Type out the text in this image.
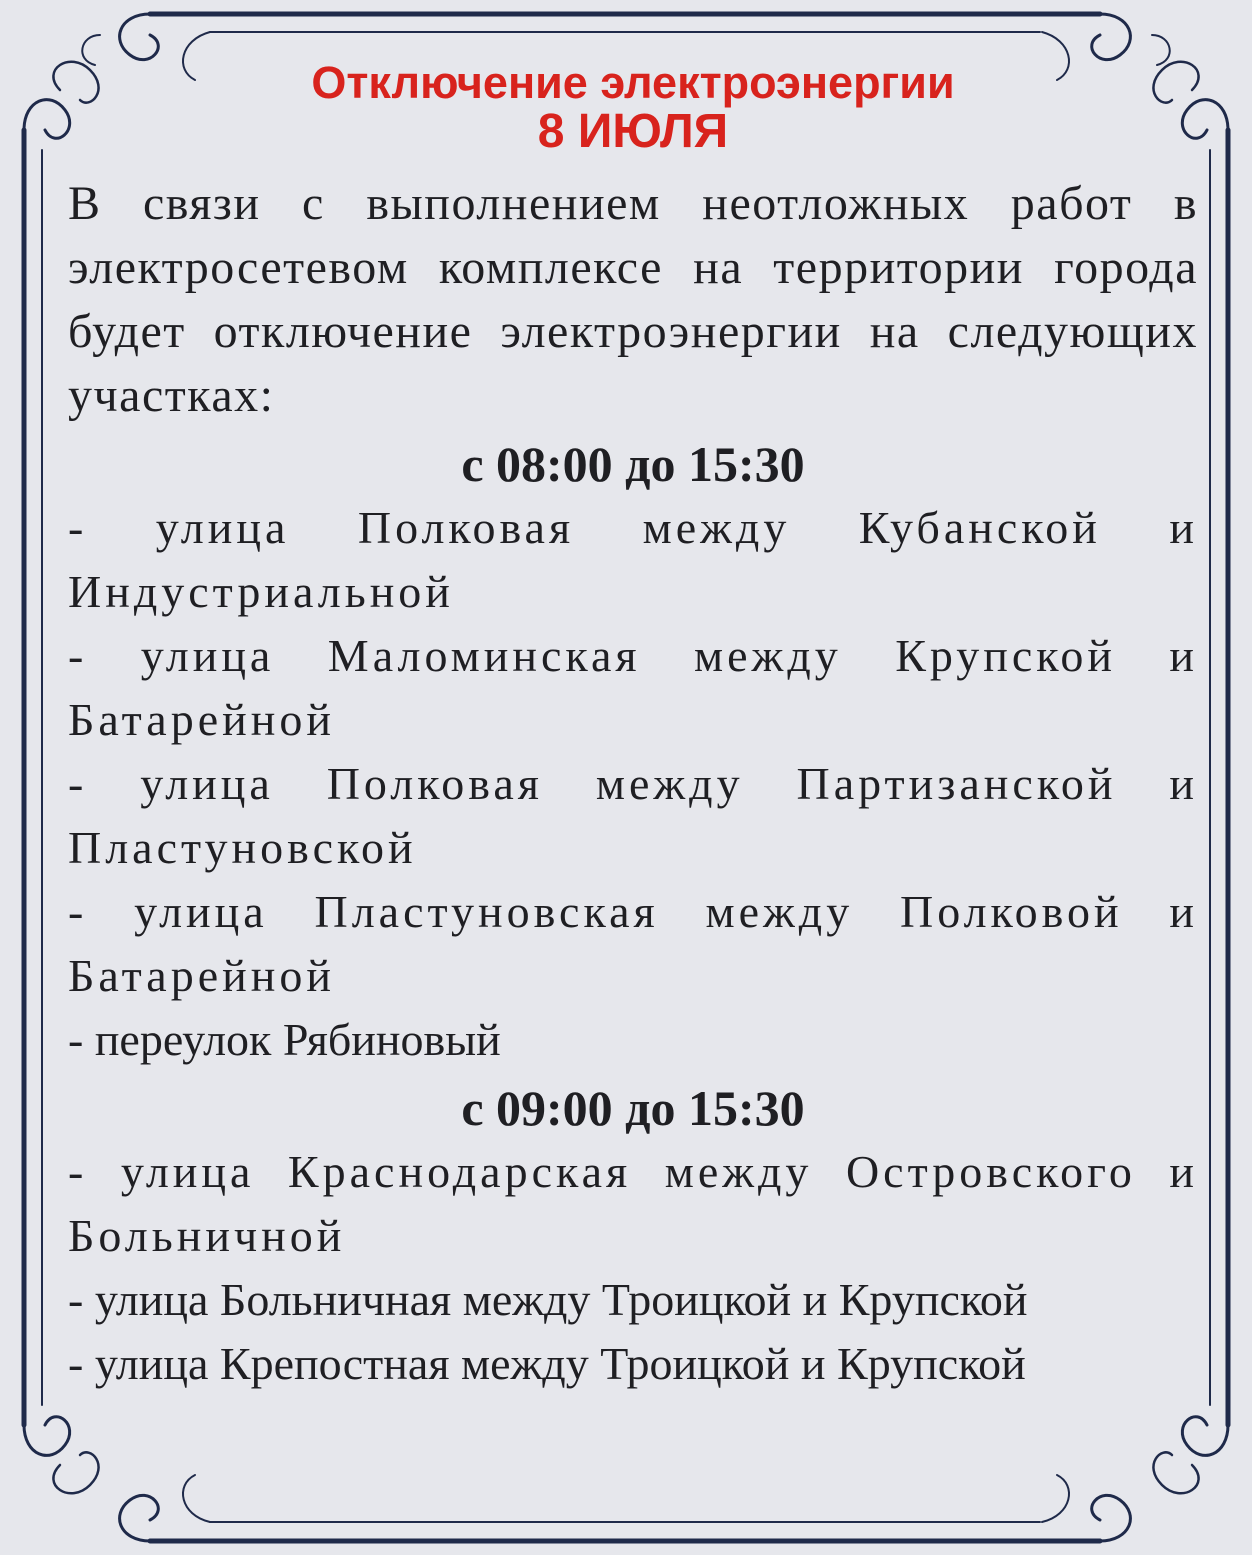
Отключение электроэнергии
8 ИЮЛЯ
В связи с выполнением неотложных работ в электросетевом комплексе на территории города будет отключение электроэнергии на следующих участках:
с 08:00 до 15:30
- улица Полковая между Кубанской и Индустриальной
- улица Маломинская между Крупской и Батарейной
- улица Полковая между Партизанской и Пластуновской
- улица Пластуновская между Полковой и Батарейной
- переулок Рябиновый
с 09:00 до 15:30
- улица Краснодарская между Островского и Больничной
- улица Больничная между Троицкой и Крупской
- улица Крепостная между Троицкой и Крупской
